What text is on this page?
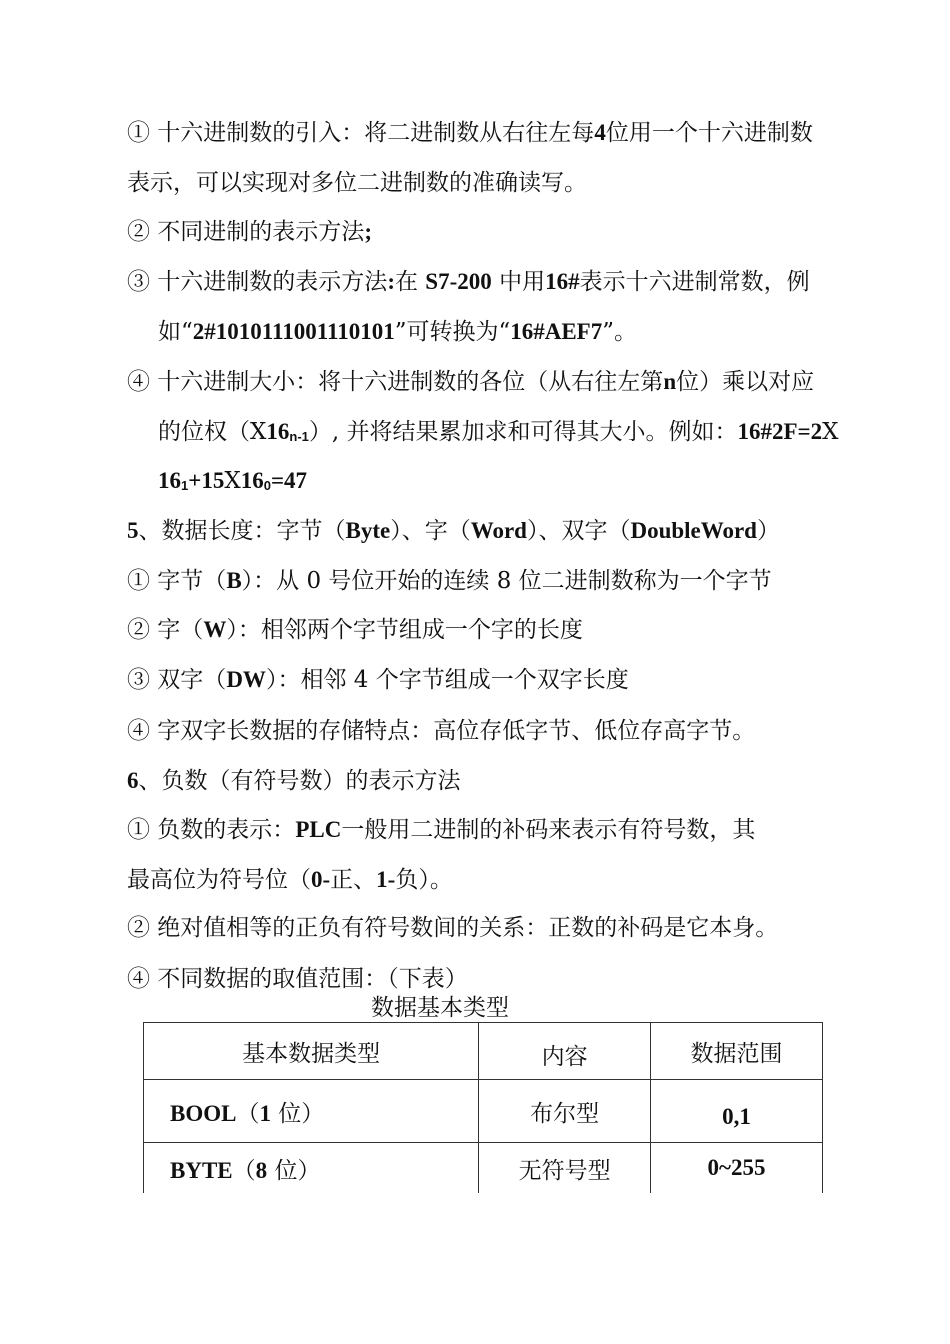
① 十六进制数的引入：将二进制数从右往左每4位用一个十六进制数
表示，可以实现对多位二进制数的准确读写。
② 不同进制的表示方法;
③ 十六进制数的表示方法:在 S7-200 中用16#表示十六进制常数，例
如“2#1010111001110101”可转换为“16#AEF7”。
④ 十六进制大小：将十六进制数的各位（从右往左第n位）乘以对应
的位权$(X16_{n-1})$, 并将结果累加求和可得其大小。例如：16#2F=2X
$16_1+15X16_0=47$
5、数据长度：字节（Byte）、字（Word）、双字（DoubleWord）
① 字节（B）：从 0 号位开始的连续 8 位二进制数称为一个字节
② 字（W）：相邻两个字节组成一个字的长度
③ 双字（DW）：相邻 4 个字节组成一个双字长度
④ 字双字长数据的存储特点：高位存低字节、低位存高字节。
6、负数（有符号数）的表示方法
① 负数的表示：PLC一般用二进制的补码来表示有符号数，其
最高位为符号位（0-正、1-负）。
② 绝对值相等的正负有符号数间的关系：正数的补码是它本身。
④ 不同数据的取值范围：（下表）
数据基本类型
基本数据类型	内容	数据范围
BOOL（1 位）	布尔型	0,1
BYTE（8 位）	无符号型	0~255
